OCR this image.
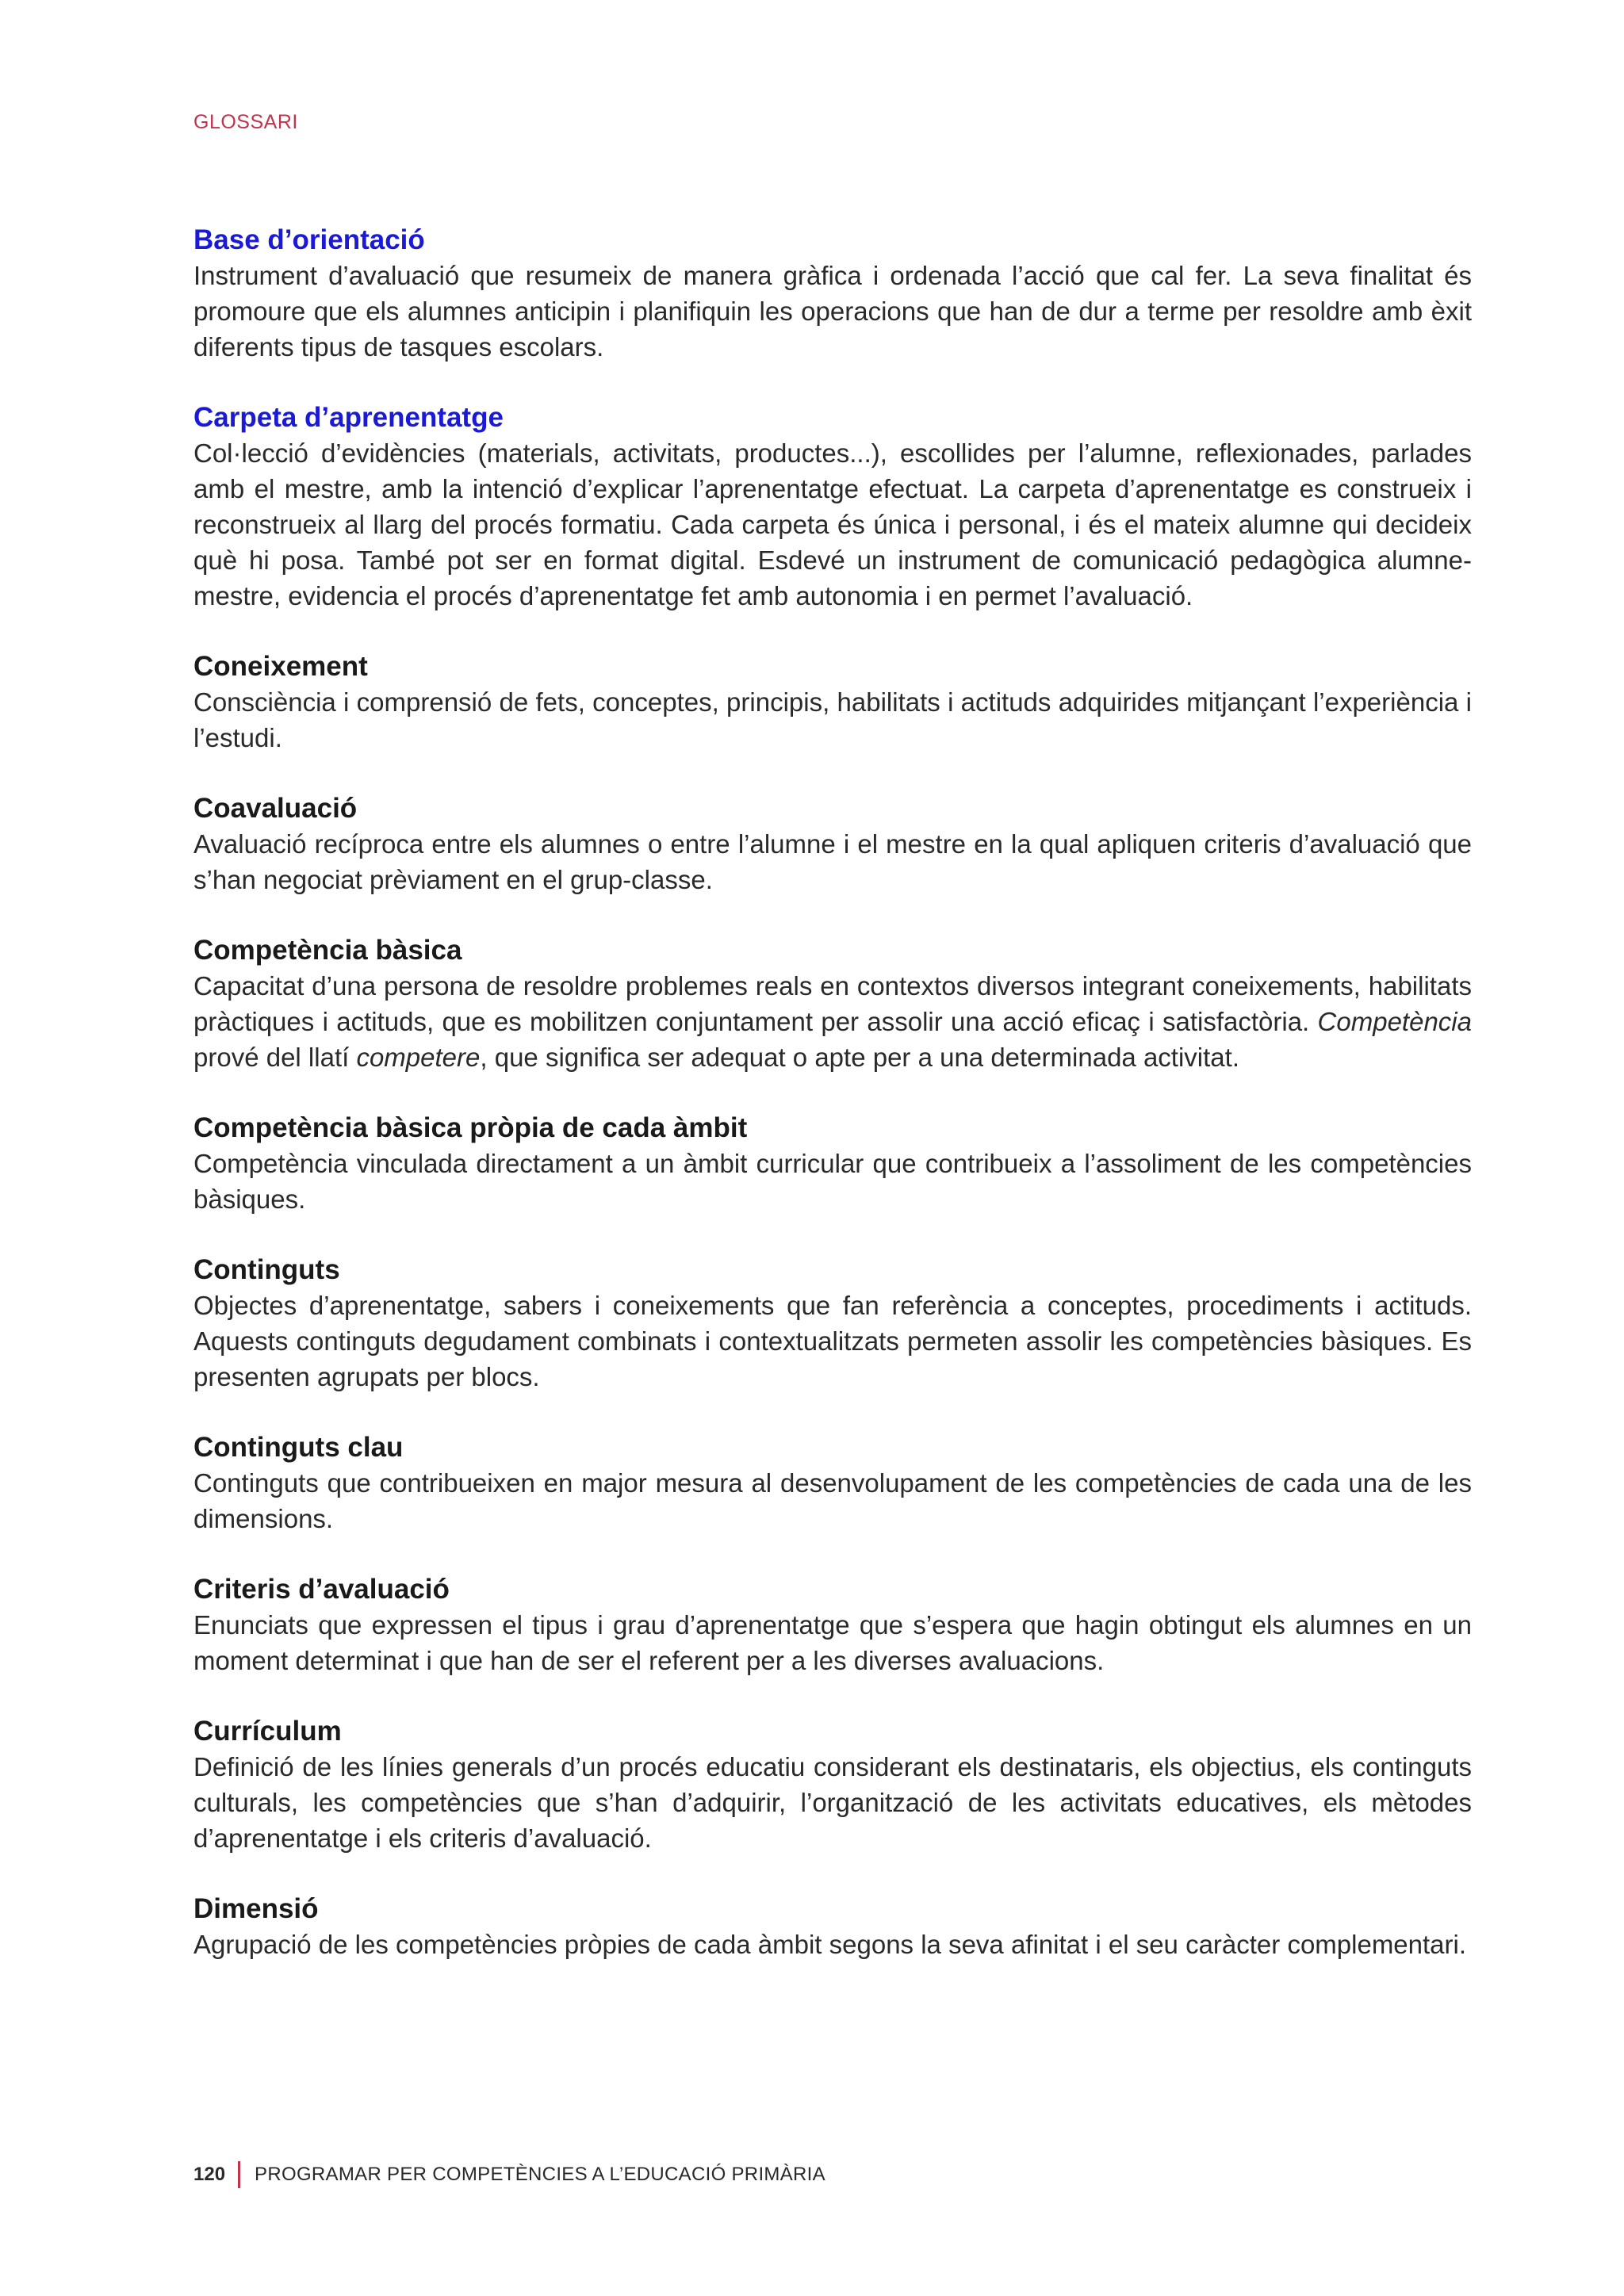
GLOSSARI

Base d’orientació

Instrument d’avaluació que resumeix de manera gràfica i ordenada l’acció que cal fer. La seva finalitat és promoure que els alumnes anticipin i planifiquin les operacions que han de dur a terme per resoldre amb èxit diferents tipus de tasques escolars.

Carpeta d’aprenentatge

Col·lecció d’evidències (materials, activitats, productes...), escollides per l’alumne, reflexionades, parlades amb el mestre, amb la intenció d’explicar l’aprenentatge efectuat. La carpeta d’aprenentatge es construeix i reconstrueix al llarg del procés formatiu. Cada carpeta és única i personal, i és el mateix alumne qui decideix què hi posa. També pot ser en format digital. Esdevé un instrument de comunicació pedagògica alumne-mestre, evidencia el procés d’aprenentatge fet amb autonomia i en permet l’avaluació.

Coneixement

Consciència i comprensió de fets, conceptes, principis, habilitats i actituds adquirides mitjançant l’experiència i l’estudi.

Coavaluació

Avaluació recíproca entre els alumnes o entre l’alumne i el mestre en la qual apliquen criteris d’avaluació que s’han negociat prèviament en el grup-classe.

Competència bàsica

Capacitat d’una persona de resoldre problemes reals en contextos diversos integrant coneixements, habilitats pràctiques i actituds, que es mobilitzen conjuntament per assolir una acció eficaç i satisfactòria. Competència prové del llatí competere, que significa ser adequat o apte per a una determinada activitat.

Competència bàsica pròpia de cada àmbit

Competència vinculada directament a un àmbit curricular que contribueix a l’assoliment de les competències bàsiques.

Continguts

Objectes d’aprenentatge, sabers i coneixements que fan referència a conceptes, procediments i actituds. Aquests continguts degudament combinats i contextualitzats permeten assolir les competències bàsiques. Es presenten agrupats per blocs.

Continguts clau

Continguts que contribueixen en major mesura al desenvolupament de les competències de cada una de les dimensions.

Criteris d’avaluació

Enunciats que expressen el tipus i grau d’aprenentatge que s’espera que hagin obtingut els alumnes en un moment determinat i que han de ser el referent per a les diverses avaluacions.

Currículum

Definició de les línies generals d’un procés educatiu considerant els destinataris, els objectius, els continguts culturals, les competències que s’han d’adquirir, l’organització de les activitats educatives, els mètodes d’aprenentatge i els criteris d’avaluació.

Dimensió

Agrupació de les competències pròpies de cada àmbit segons la seva afinitat i el seu caràcter complementari.

120 PROGRAMAR PER COMPETÈNCIES A L’EDUCACIÓ PRIMÀRIA
